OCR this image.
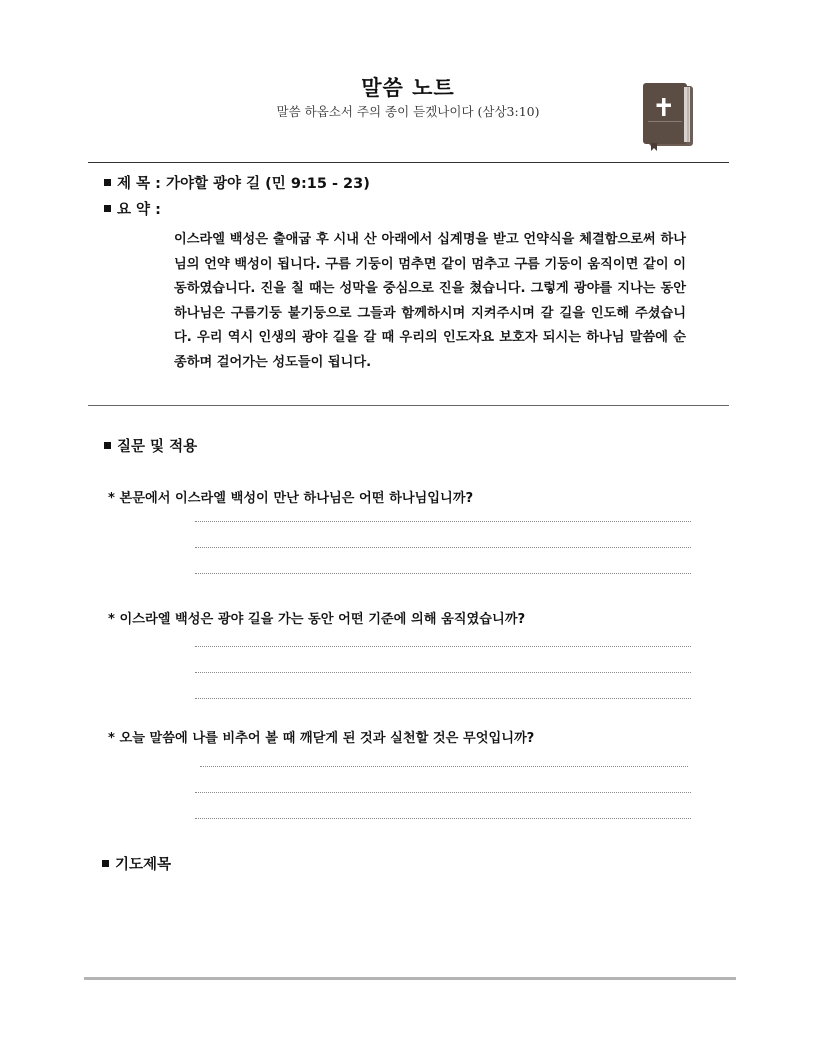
말씀 노트
말씀 하옵소서 주의 종이 듣겠나이다 (삼상3:10)
제 목 : 가야할 광야 길 (민 9:15 - 23)
요 약 :
이스라엘 백성은 출애굽 후 시내 산 아래에서 십계명을 받고 언약식을 체결함으로써 하나님의 언약 백성이 됩니다. 구름 기둥이 멈추면 같이 멈추고 구름 기둥이 움직이면 같이 이동하였습니다. 진을 칠 때는 성막을 중심으로 진을 쳤습니다. 그렇게 광야를 지나는 동안 하나님은 구름기둥 불기둥으로 그들과 함께하시며 지켜주시며 갈 길을 인도해 주셨습니다. 우리 역시 인생의 광야 길을 갈 때 우리의 인도자요 보호자 되시는 하나님 말씀에 순종하며 걸어가는 성도들이 됩니다.
질문 및 적용
* 본문에서 이스라엘 백성이 만난 하나님은 어떤 하나님입니까?
* 이스라엘 백성은 광야 길을 가는 동안 어떤 기준에 의해 움직였습니까?
* 오늘 말씀에 나를 비추어 볼 때 깨닫게 된 것과 실천할 것은 무엇입니까?
기도제목
